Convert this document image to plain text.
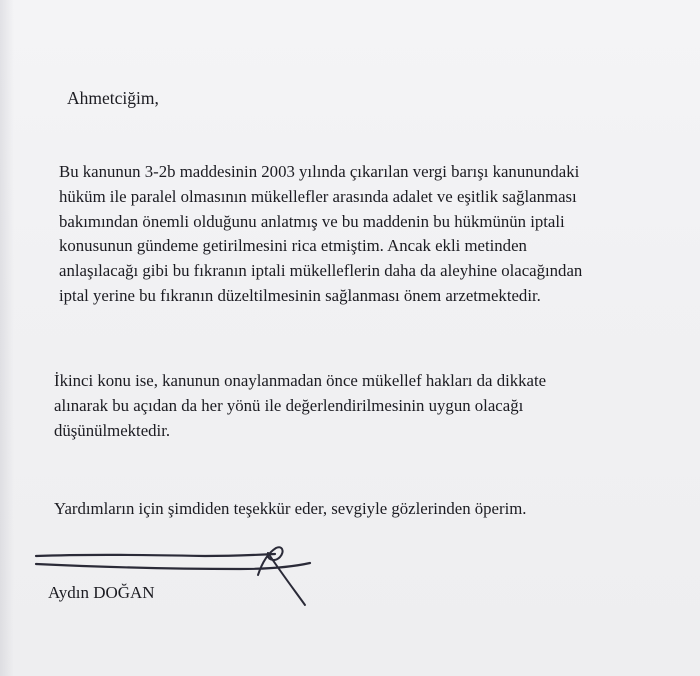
Ahmetciğim,

Bu kanunun 3-2b maddesinin 2003 yılında çıkarılan vergi barışı kanunundaki
hüküm ile paralel olmasının mükellefler arasında adalet ve eşitlik sağlanması
bakımından önemli olduğunu anlatmış ve bu maddenin bu hükmünün iptali
konusunun gündeme getirilmesini rica etmiştim. Ancak ekli metinden
anlaşılacağı gibi bu fıkranın iptali mükelleflerin daha da aleyhine olacağından
iptal yerine bu fıkranın düzeltilmesinin sağlanması önem arzetmektedir.

İkinci konu ise, kanunun onaylanmadan önce mükellef hakları da dikkate
alınarak bu açıdan da her yönü ile değerlendirilmesinin uygun olacağı
düşünülmektedir.

Yardımların için şimdiden teşekkür eder, sevgiyle gözlerinden öperim.

Aydın DOĞAN
